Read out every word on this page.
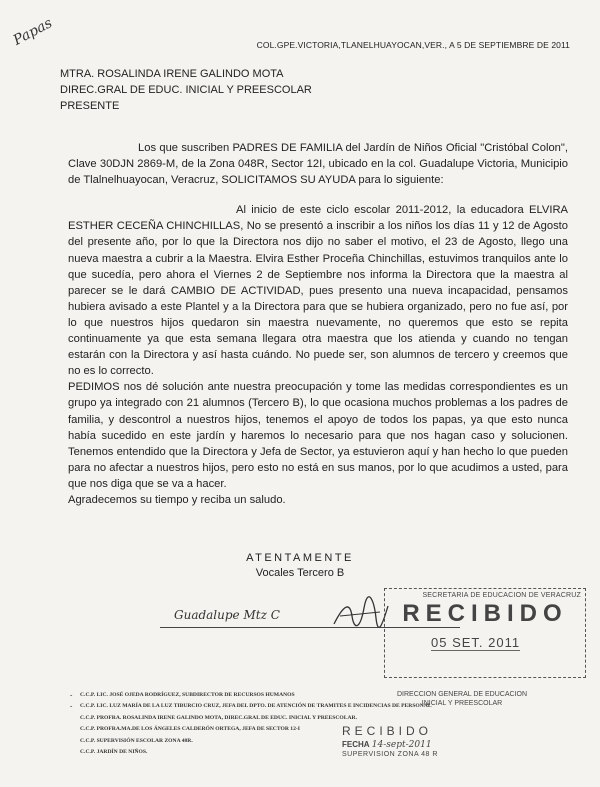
Papas	COL.GPE.VICTORIA,TLANELHUAYOCAN,VER., A 5 DE SEPTIEMBRE DE 2011
MTRA. ROSALINDA IRENE GALINDO MOTA
DIREC.GRAL DE EDUC. INICIAL Y PREESCOLAR
PRESENTE

Los que suscriben PADRES DE FAMILIA del Jardín de Niños Oficial "Cristóbal Colon", Clave 30DJN 2869-M, de la Zona 048R, Sector 12I, ubicado en la col. Guadalupe Victoria, Municipio de Tlalnelhuayocan, Veracruz, SOLICITAMOS SU AYUDA para lo siguiente:

Al inicio de este ciclo escolar 2011-2012, la educadora ELVIRA ESTHER CECEÑA CHINCHILLAS, No se presentó a inscribir a los niños los días 11 y 12 de Agosto del presente año, por lo que la Directora nos dijo no saber el motivo, el 23 de Agosto, llego una nueva maestra a cubrir a la Maestra. Elvira Esther Proceña Chinchillas, estuvimos tranquilos ante lo que sucedía, pero ahora el Viernes 2 de Septiembre nos informa la Directora que la maestra al parecer se le dará CAMBIO DE ACTIVIDAD, pues presento una nueva incapacidad, pensamos hubiera avisado a este Plantel y a la Directora para que se hubiera organizado, pero no fue así, por lo que nuestros hijos quedaron sin maestra nuevamente, no queremos que esto se repita continuamente ya que esta semana llegara otra maestra que los atienda y cuando no tengan estarán con la Directora y así hasta cuándo. No puede ser, son alumnos de tercero y creemos que no es lo correcto.

PEDIMOS nos dé solución ante nuestra preocupación y tome las medidas correspondientes es un grupo ya integrado con 21 alumnos (Tercero B), lo que ocasiona muchos problemas a los padres de familia, y descontrol a nuestros hijos, tenemos el apoyo de todos los papas, ya que esto nunca había sucedido en este jardín y haremos lo necesario para que nos hagan caso y solucionen. Tenemos entendido que la Directora y Jefa de Sector, ya estuvieron aquí y han hecho lo que pueden para no afectar a nuestros hijos, pero esto no está en sus manos, por lo que acudimos a usted, para que nos diga que se va a hacer.

Agradecemos su tiempo y reciba un saludo.

ATENTAMENTE
Vocales Tercero B
Guadalupe Mtz C
SECRETARIA DE EDUCACION DE VERACRUZ
RECIBIDO
05 SET. 2011
DIRECCION GENERAL DE EDUCACION
INICIAL Y PREESCOLAR
-	C.C.P. LIC. JOSÉ OJEDA RODRÍGUEZ, SUBDIRECTOR DE RECURSOS HUMANOS
-	C.C.P. LIC. LUZ MARÍA DE LA LUZ TIBURCIO CRUZ, JEFA DEL DPTO. DE ATENCIÓN DE TRAMITES E INCIDENCIAS DE PERSONAL
C.C.P. PROFRA. ROSALINDA IRENE GALINDO MOTA, DIREC.GRAL DE EDUC. INICIAL Y PREESCOLAR.
C.C.P. PROFRA.MA.DE LOS ÁNGELES CALDERÓN ORTEGA, JEFA DE SECTOR 12-I
C.C.P. SUPERVISIÓN ESCOLAR ZONA 48R.
C.C.P. JARDÍN DE NIÑOS.
RECIBIDO
FECHA 14-sept-2011
SUPERVISION ZONA 48 R
